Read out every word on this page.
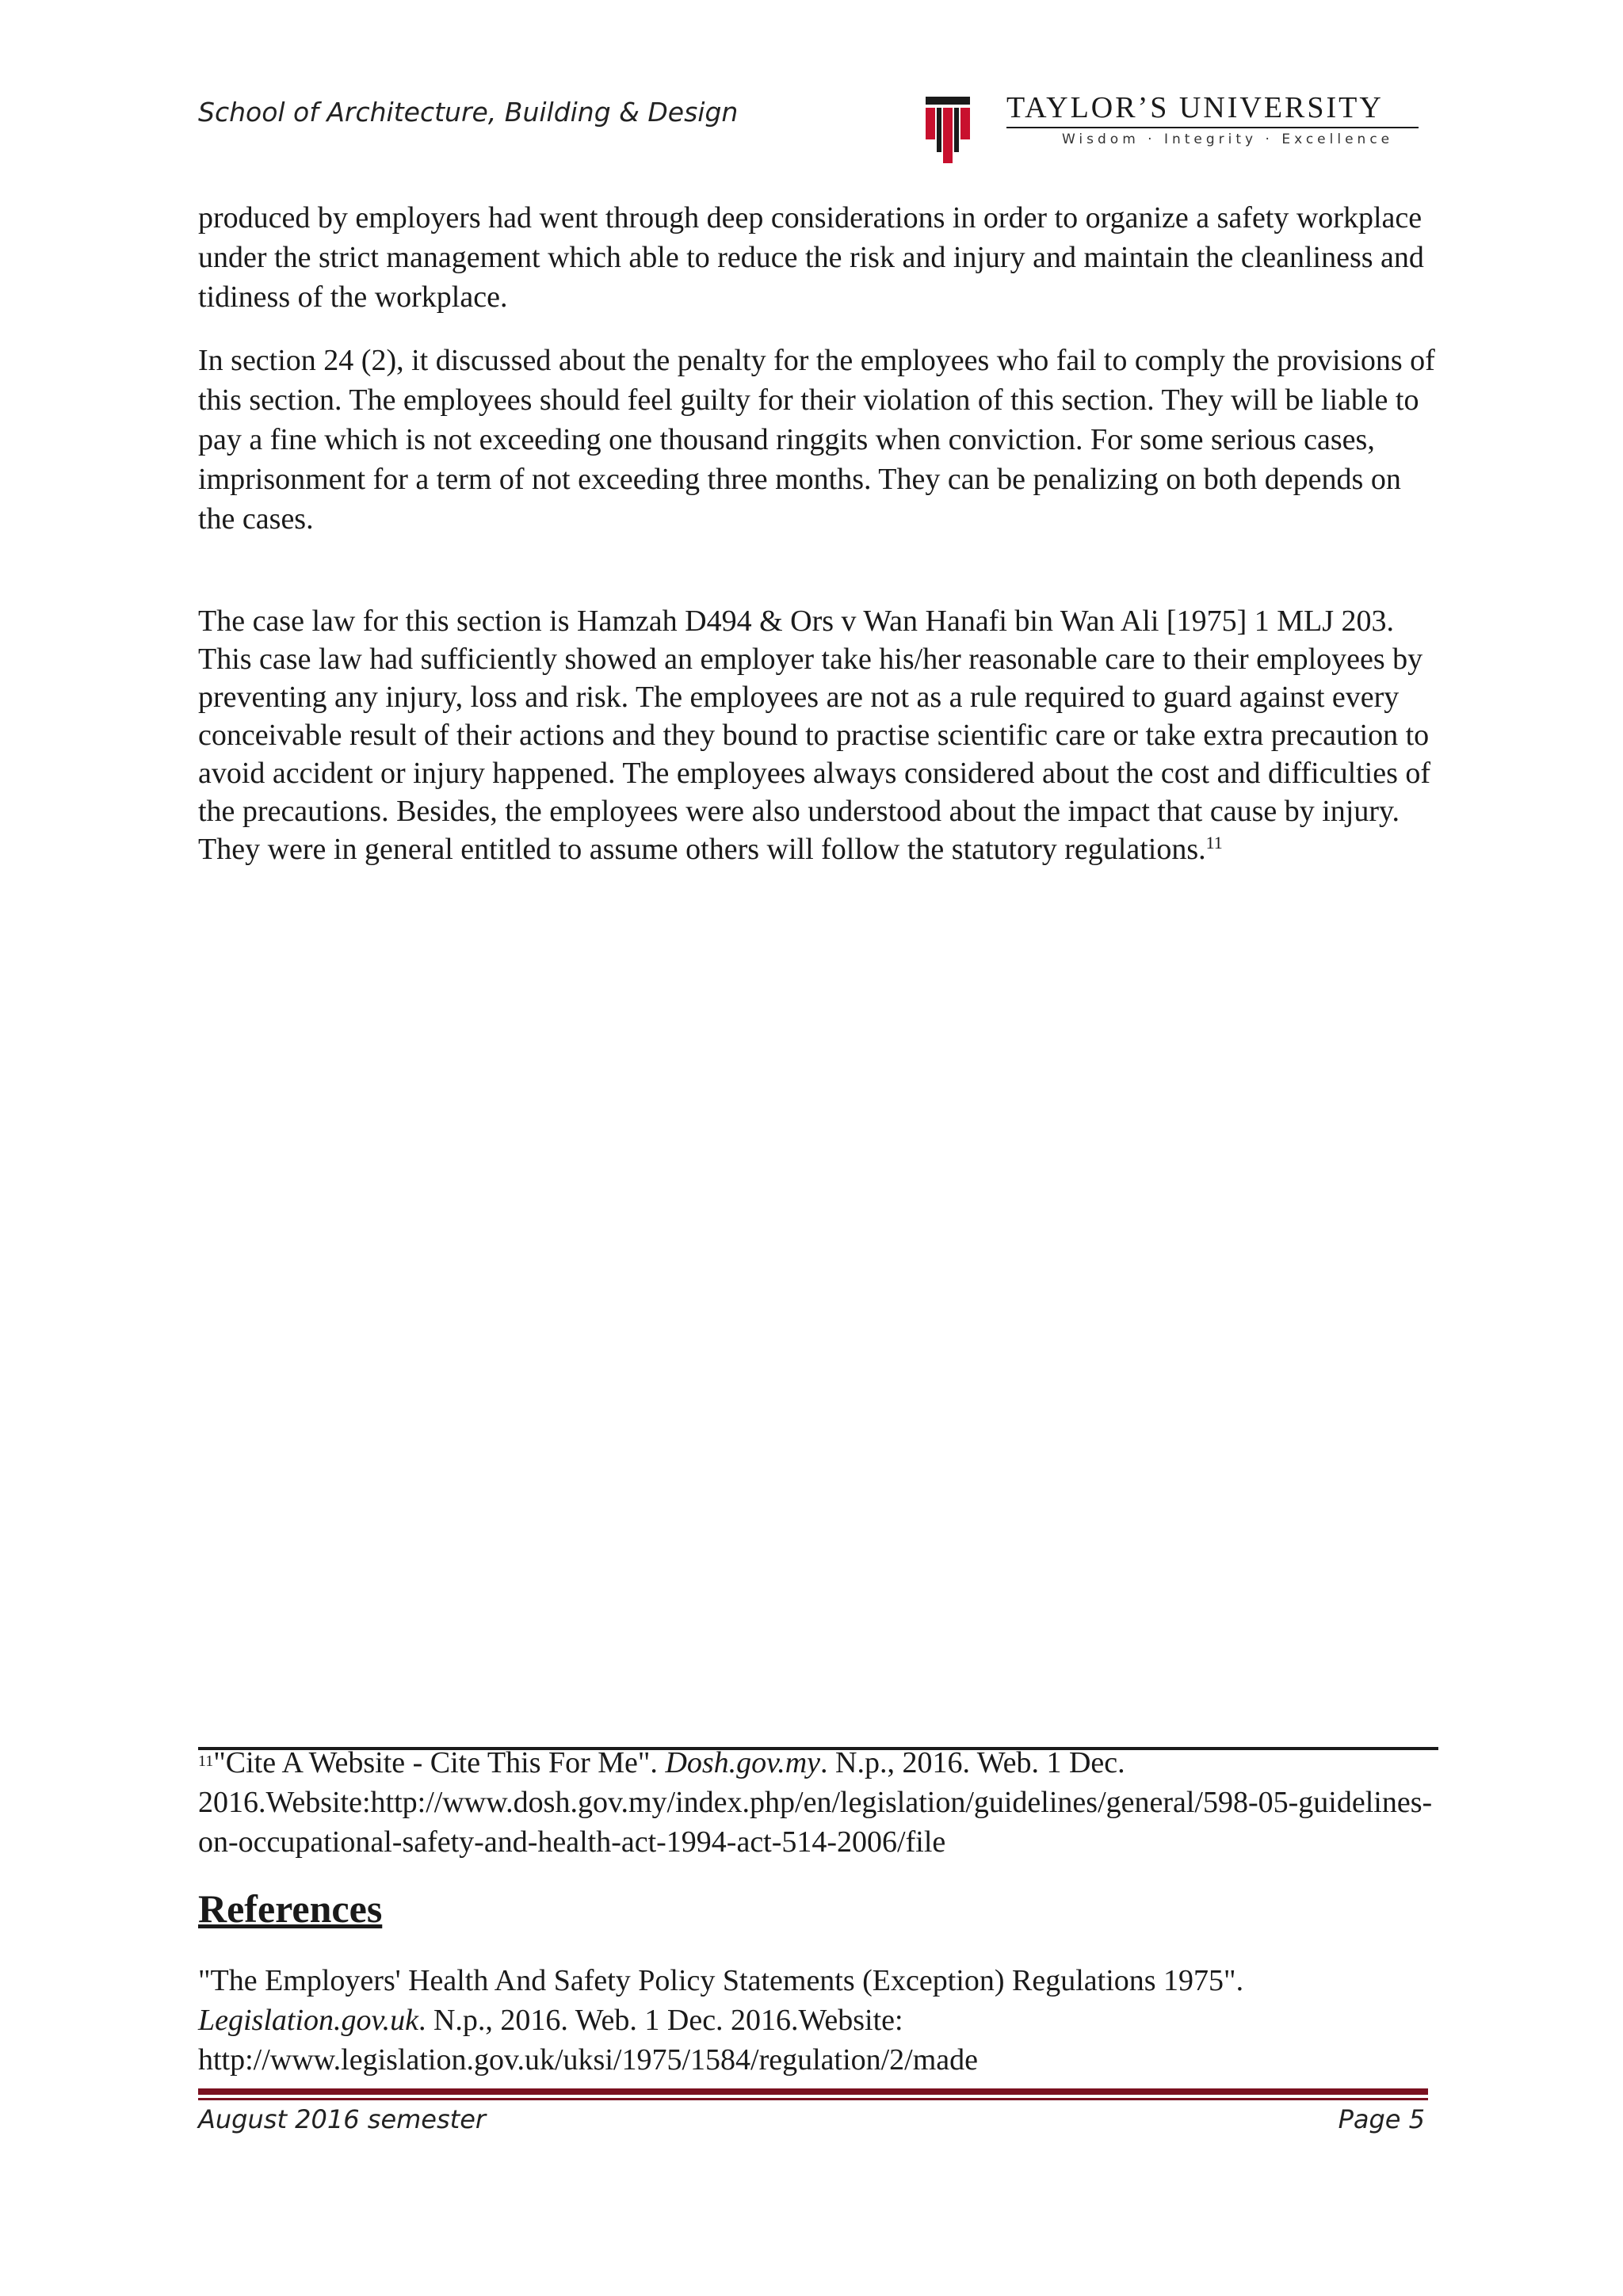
School of Architecture, Building & Design	TAYLOR’S UNIVERSITY
Wisdom · Integrity · Excellence

produced by employers had went through deep considerations in order to organize a safety workplace under the strict management which able to reduce the risk and injury and maintain the cleanliness and tidiness of the workplace.

In section 24 (2), it discussed about the penalty for the employees who fail to comply the provisions of this section. The employees should feel guilty for their violation of this section. They will be liable to pay a fine which is not exceeding one thousand ringgits when conviction. For some serious cases, imprisonment for a term of not exceeding three months. They can be penalizing on both depends on the cases.

The case law for this section is Hamzah D494 & Ors v Wan Hanafi bin Wan Ali [1975] 1 MLJ 203. This case law had sufficiently showed an employer take his/her reasonable care to their employees by preventing any injury, loss and risk. The employees are not as a rule required to guard against every conceivable result of their actions and they bound to practise scientific care or take extra precaution to avoid accident or injury happened. The employees always considered about the cost and difficulties of the precautions. Besides, the employees were also understood about the impact that cause by injury. They were in general entitled to assume others will follow the statutory regulations.$^{11}$

$^{11}$"Cite A Website - Cite This For Me". Dosh.gov.my. N.p., 2016. Web. 1 Dec. 2016.Website:http://www.dosh.gov.my/index.php/en/legislation/guidelines/general/598-05-guidelines-on-occupational-safety-and-health-act-1994-act-514-2006/file

References

"The Employers' Health And Safety Policy Statements (Exception) Regulations 1975". Legislation.gov.uk. N.p., 2016. Web. 1 Dec. 2016.Website: http://www.legislation.gov.uk/uksi/1975/1584/regulation/2/made

August 2016 semester	Page 5
